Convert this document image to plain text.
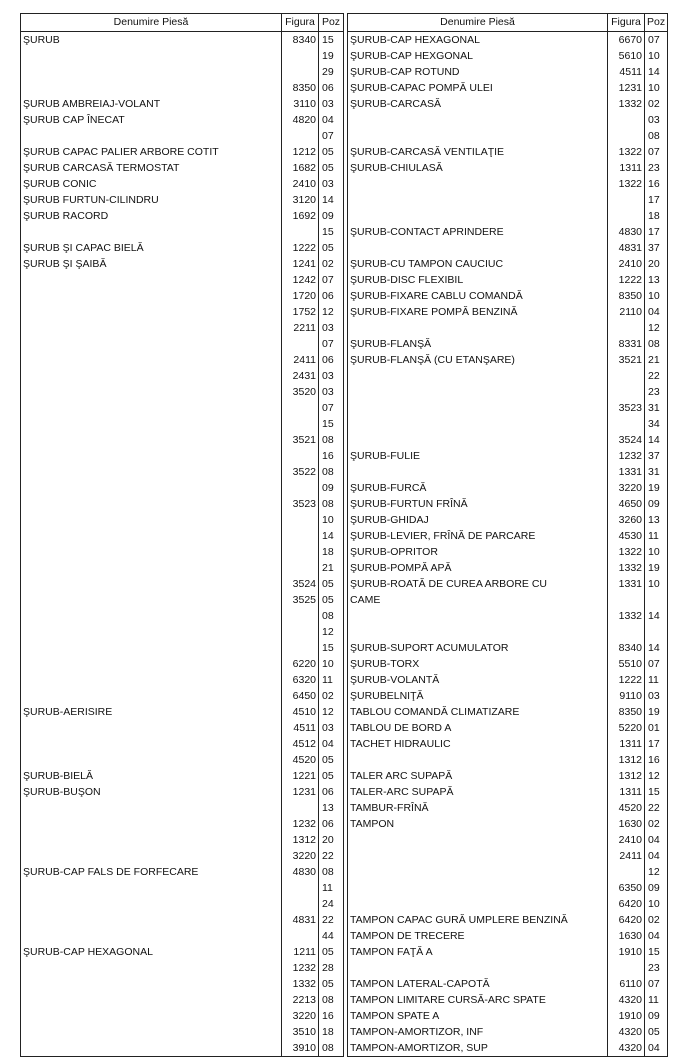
Denumire Piesă	Figura	Poz		Denumire Piesă	Figura	Poz
ŞURUB	8340	15		ŞURUB-CAP HEXAGONAL	6670	07
		19		ŞURUB-CAP HEXGONAL	5610	10
		29		ŞURUB-CAP ROTUND	4511	14
	8350	06		ŞURUB-CAPAC POMPĂ ULEI	1231	10
ŞURUB AMBREIAJ-VOLANT	3110	03		ŞURUB-CARCASĂ	1332	02
ŞURUB CAP ÎNECAT	4820	04				03
		07				08
ŞURUB CAPAC PALIER ARBORE COTIT	1212	05		ŞURUB-CARCASĂ VENTILAŢIE	1322	07
ŞURUB CARCASĂ TERMOSTAT	1682	05		ŞURUB-CHIULASĂ	1311	23
ŞURUB CONIC	2410	03			1322	16
ŞURUB FURTUN-CILINDRU	3120	14				17
ŞURUB RACORD	1692	09				18
		15		ŞURUB-CONTACT APRINDERE	4830	17
ŞURUB ŞI CAPAC BIELĂ	1222	05			4831	37
ŞURUB ŞI ŞAIBĂ	1241	02		ŞURUB-CU TAMPON CAUCIUC	2410	20
	1242	07		ŞURUB-DISC FLEXIBIL	1222	13
	1720	06		ŞURUB-FIXARE CABLU COMANDĂ	8350	10
	1752	12		ŞURUB-FIXARE POMPĂ BENZINĂ	2110	04
	2211	03				12
		07		ŞURUB-FLANŞĂ	8331	08
	2411	06		ŞURUB-FLANŞĂ (CU ETANŞARE)	3521	21
	2431	03				22
	3520	03				23
		07			3523	31
		15				34
	3521	08			3524	14
		16		ŞURUB-FULIE	1232	37
	3522	08			1331	31
		09		ŞURUB-FURCĂ	3220	19
	3523	08		ŞURUB-FURTUN FRÎNĂ	4650	09
		10		ŞURUB-GHIDAJ	3260	13
		14		ŞURUB-LEVIER, FRÎNĂ DE PARCARE	4530	11
		18		ŞURUB-OPRITOR	1322	10
		21		ŞURUB-POMPĂ APĂ	1332	19
	3524	05		ŞURUB-ROATĂ DE CUREA ARBORE CU	1331	10
	3525	05		CAME		
		08			1332	14
		12				
		15		ŞURUB-SUPORT ACUMULATOR	8340	14
	6220	10		ŞURUB-TORX	5510	07
	6320	11		ŞURUB-VOLANTĂ	1222	11
	6450	02		ŞURUBELNIŢĂ	9110	03
ŞURUB-AERISIRE	4510	12		TABLOU COMANDĂ CLIMATIZARE	8350	19
	4511	03		TABLOU DE BORD A	5220	01
	4512	04		TACHET HIDRAULIC	1311	17
	4520	05			1312	16
ŞURUB-BIELĂ	1221	05		TALER ARC SUPAPĂ	1312	12
ŞURUB-BUŞON	1231	06		TALER-ARC SUPAPĂ	1311	15
		13		TAMBUR-FRÎNĂ	4520	22
	1232	06		TAMPON	1630	02
	1312	20			2410	04
	3220	22			2411	04
ŞURUB-CAP FALS DE FORFECARE	4830	08				12
		11			6350	09
		24			6420	10
	4831	22		TAMPON CAPAC GURĂ UMPLERE BENZINĂ	6420	02
		44		TAMPON DE TRECERE	1630	04
ŞURUB-CAP HEXAGONAL	1211	05		TAMPON FAŢĂ A	1910	15
	1232	28				23
	1332	05		TAMPON LATERAL-CAPOTĂ	6110	07
	2213	08		TAMPON LIMITARE CURSĂ-ARC SPATE	4320	11
	3220	16		TAMPON SPATE A	1910	09
	3510	18		TAMPON-AMORTIZOR, INF	4320	05
	3910	08		TAMPON-AMORTIZOR, SUP	4320	04
